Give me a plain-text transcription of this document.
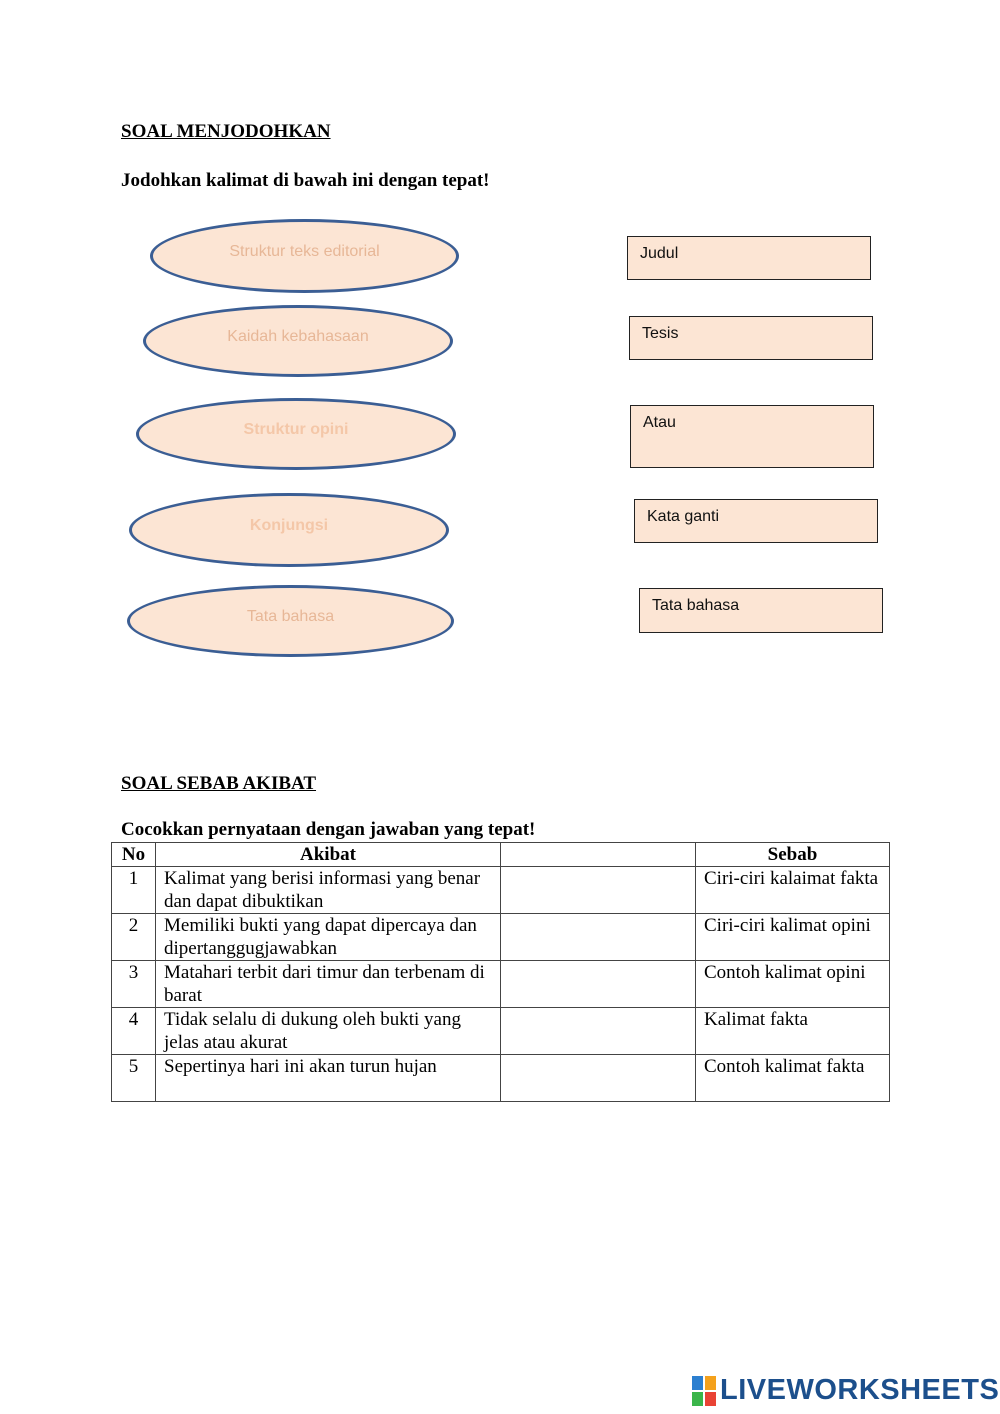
SOAL MENJODOHKAN

Jodohkan kalimat di bawah ini dengan tepat!

Struktur teks editorial
Kaidah kebahasaan
Struktur opini
Konjungsi
Tata bahasa
Judul
Tesis
Atau
Kata ganti
Tata bahasa
SOAL SEBAB AKIBAT

Cocokkan pernyataan dengan jawaban yang tepat!

No	Akibat		Sebab
1	Kalimat yang berisi informasi yang benar dan dapat dibuktikan		Ciri-ciri kalaimat fakta
2	Memiliki bukti yang dapat dipercaya dan dipertanggugjawabkan		Ciri-ciri kalimat opini
3	Matahari terbit dari timur dan terbenam di barat		Contoh kalimat opini
4	Tidak selalu di dukung oleh bukti yang jelas atau akurat		Kalimat fakta
5	Sepertinya hari ini akan turun hujan		Contoh kalimat fakta
LIVEWORKSHEETS
